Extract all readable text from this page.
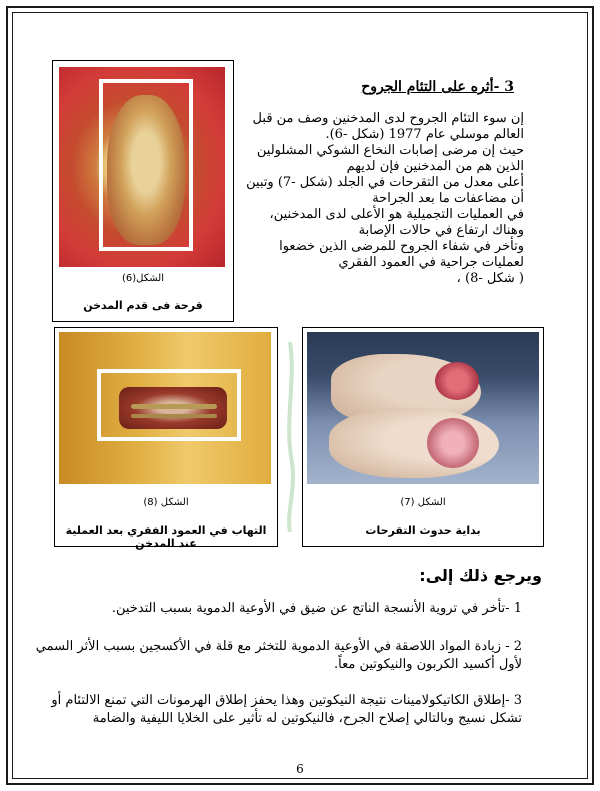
الشكل(6)
قرحة فى قدم المدخن
3 -أثره على التئام الجروح

إن سوء التئام الجروح لدى المدخنين وصف من قبل

العالم موسلي عام 1977 (شكل -6).

حيث إن مرضى إصابات النخاع الشوكي المشلولين

الذين هم من المدخنين فإن لديهم

أعلى معدل من التقرحات في الجلد (شكل -7) وتبين

أن مضاعفات ما بعد الجراحة

في العمليات التجميلية هو الأعلى لدى المدخنين،

وهناك ارتفاع في حالات الإصابة

وتأخر في شفاء الجروح للمرضى الذين خضعوا

لعمليات جراحية في العمود الفقري

( شكل -8) ،

الشكل (8)
التهاب في العمود الفقري بعد العملية عند المدخن
الشكل (7)
بداية حدوث التقرحات
ويرجع ذلك إلى:
1 -تأخر في تروية الأنسجة الناتج عن ضيق في الأوعية الدموية بسبب التدخين.
2 - زيادة المواد اللاصقة في الأوعية الدموية للتخثر مع قلة في الأكسجين بسبب الأثر السمي
لأول أكسيد الكربون والنيكوتين معاً.
3 -إطلاق الكاتيكولامينات نتيجة النيكوتين وهذا يحفز إطلاق الهرمونات التي تمنع الالتئام أو
تشكل نسيج وبالتالي إصلاح الجرح، فالنيكوتين له تأثير على الخلايا الليفية والضامة
6
